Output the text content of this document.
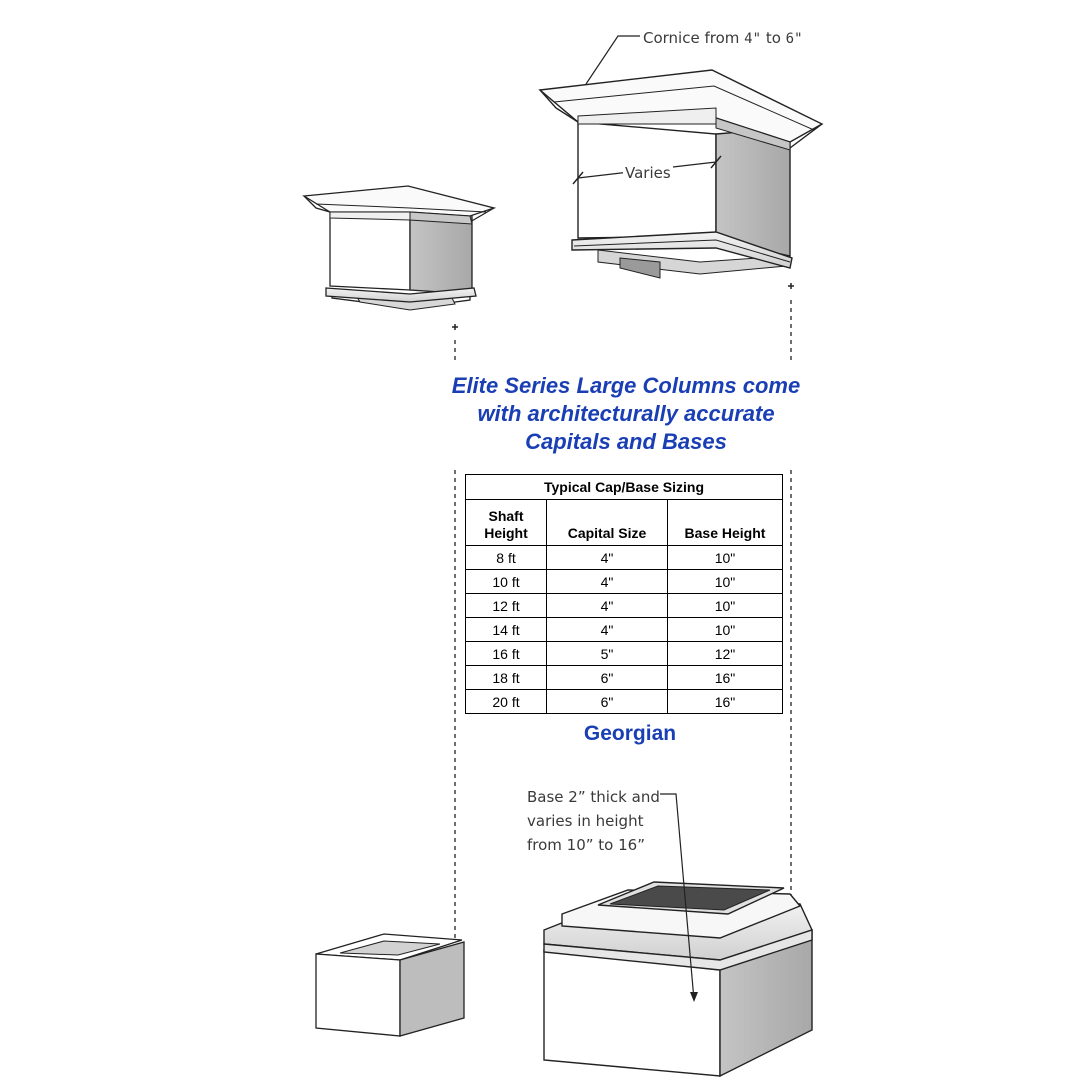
Cornice from 4" to 6"
Varies
Elite Series Large Columns come
with architecturally accurate
Capitals and Bases
Typical Cap/Base Sizing		
Shaft
Height	Capital Size	Base Height
8 ft	4"	10"
10 ft	4"	10"
12 ft	4"	10"
14 ft	4"	10"
16 ft	5"	12"
18 ft	6"	16"
20 ft	6"	16"
Georgian
Base 2” thick and
varies in height
from 10” to 16”
